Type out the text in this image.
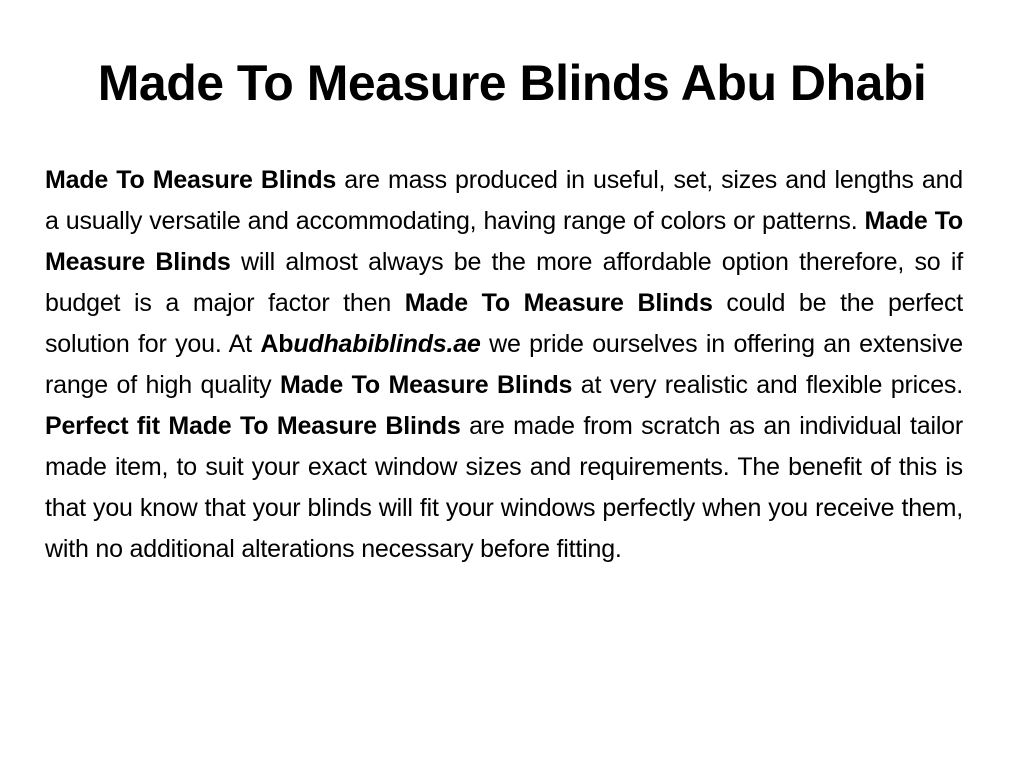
Made To Measure Blinds Abu Dhabi

Made To Measure Blinds are mass produced in useful, set, sizes and lengths and a usually versatile and accommodating, having range of colors or patterns. Made To Measure Blinds will almost always be the more affordable option therefore, so if budget is a major factor then Made To Measure Blinds could be the perfect solution for you. At Abudhabiblinds.ae we pride ourselves in offering an extensive range of high quality Made To Measure Blinds at very realistic and flexible prices. Perfect fit Made To Measure Blinds are made from scratch as an individual tailor made item, to suit your exact window sizes and requirements. The benefit of this is that you know that your blinds will fit your windows perfectly when you receive them, with no additional alterations necessary before fitting.
